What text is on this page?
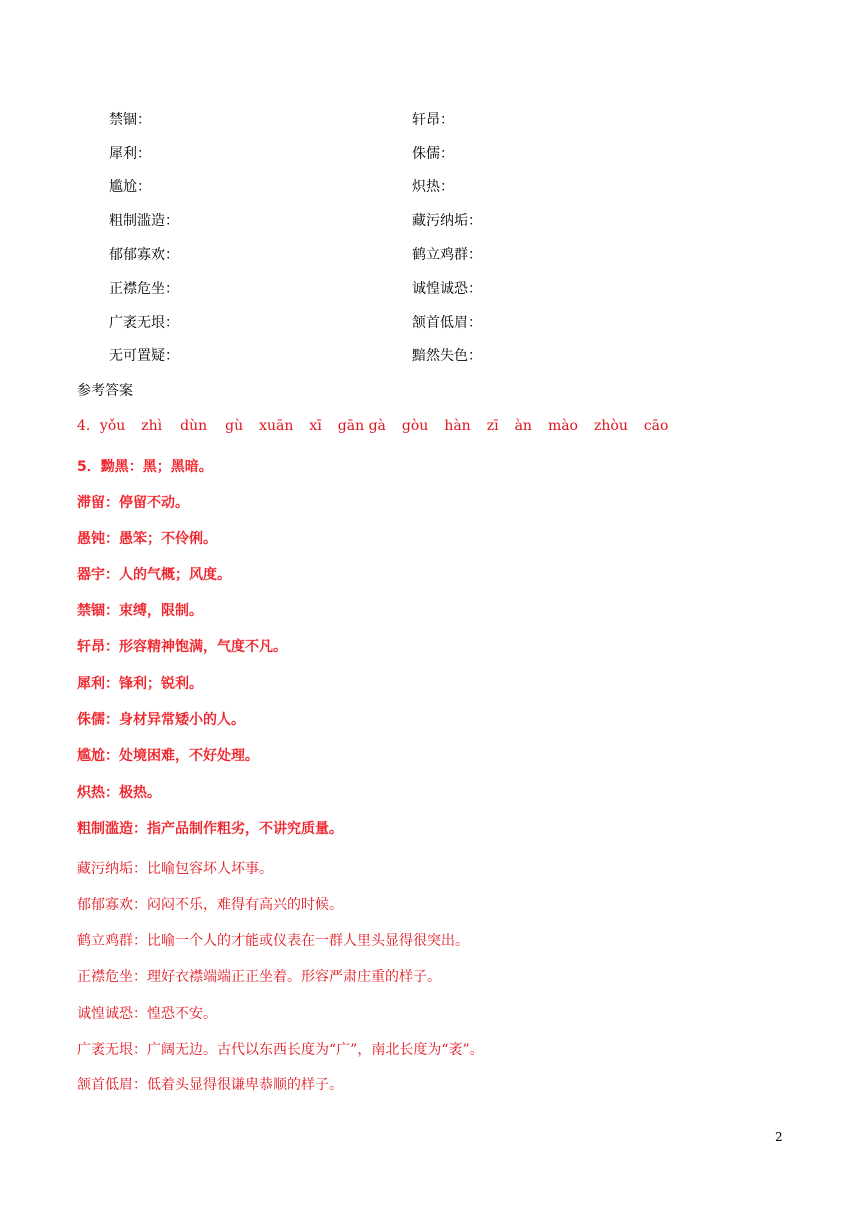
禁锢：	轩昂：
犀利：	侏儒：
尴尬：	炽热：
粗制滥造：	藏污纳垢：
郁郁寡欢：	鹤立鸡群：
正襟危坐：	诚惶诚恐：
广袤无垠：	颔首低眉：
无可置疑：	黯然失色：
参考答案
4．yǒu zhì dùn gù xuān xī gān gà gòu hàn zī àn mào zhòu cāo
5．黝黑：黑；黑暗。
滞留：停留不动。
愚钝：愚笨；不伶俐。
器宇：人的气概；风度。
禁锢：束缚，限制。
轩昂：形容精神饱满，气度不凡。
犀利：锋利；锐利。
侏儒：身材异常矮小的人。
尴尬：处境困难，不好处理。
炽热：极热。
粗制滥造：指产品制作粗劣，不讲究质量。
藏污纳垢：比喻包容坏人坏事。
郁郁寡欢：闷闷不乐，难得有高兴的时候。
鹤立鸡群：比喻一个人的才能或仪表在一群人里头显得很突出。
正襟危坐：理好衣襟端端正正坐着。形容严肃庄重的样子。
诚惶诚恐：惶恐不安。
广袤无垠：广阔无边。古代以东西长度为“广”，南北长度为“袤”。
颔首低眉：低着头显得很谦卑恭顺的样子。
2
